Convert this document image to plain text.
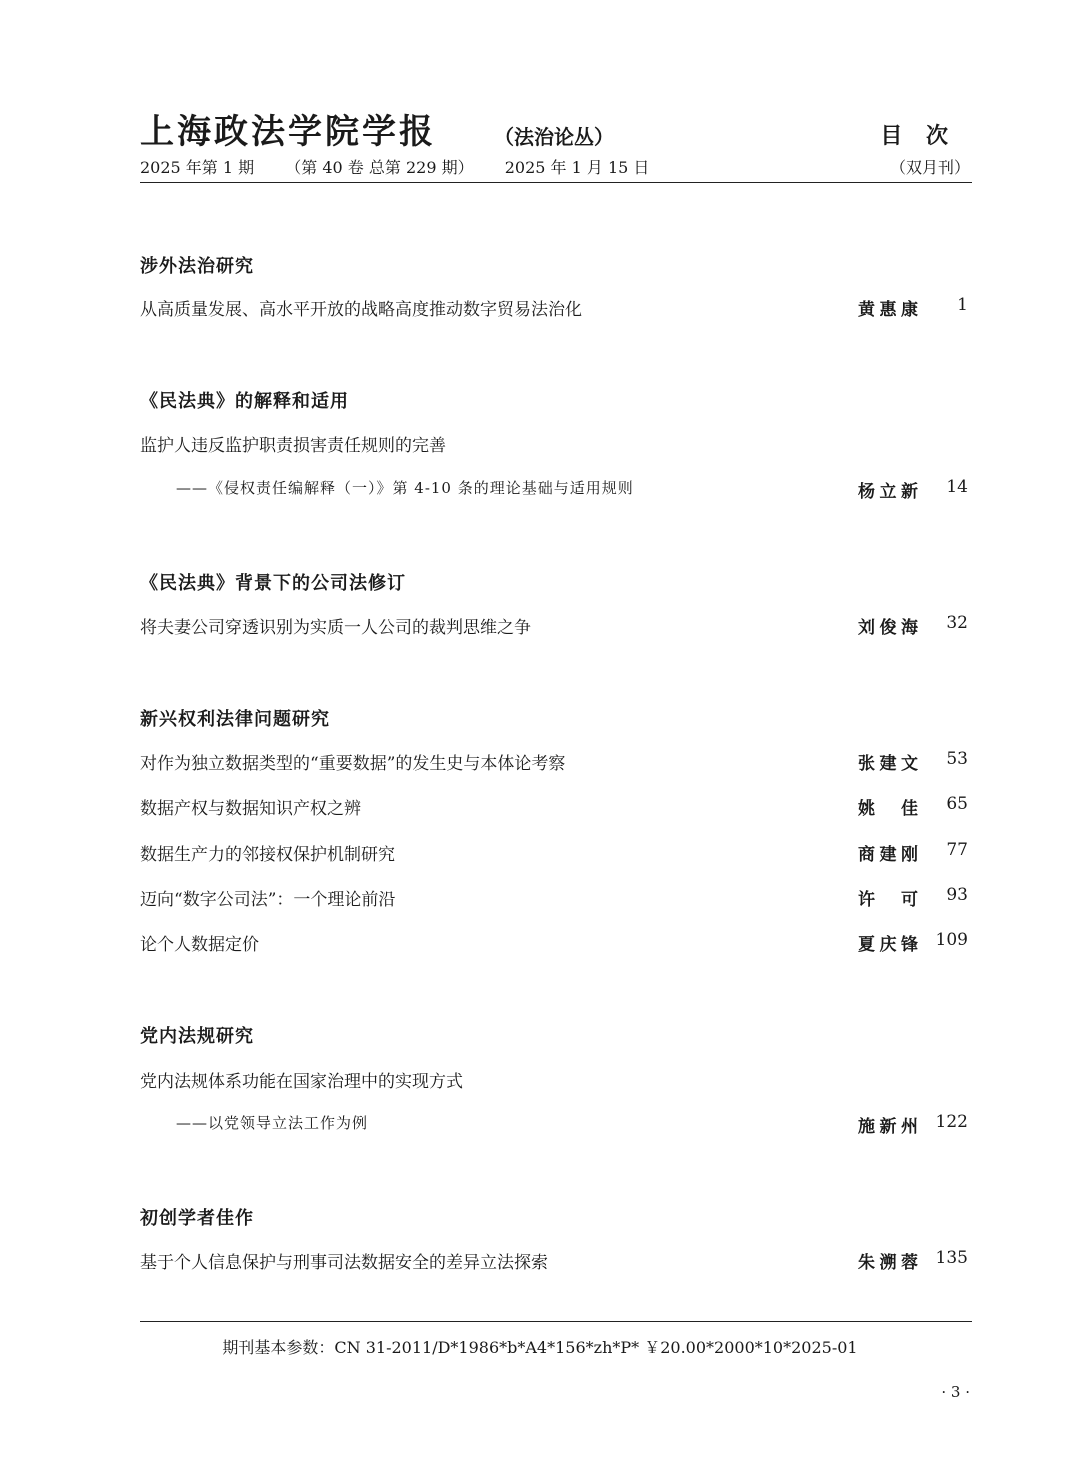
上海政法学院学报	（法治论丛）	目 次
2025 年第 1 期 （第 40 卷 总第 229 期） 2025 年 1 月 15 日	（双月刊）
涉外法治研究
从高质量发展、高水平开放的战略高度推动数字贸易法治化	黄惠康 1
《民法典》的解释和适用
监护人违反监护职责损害责任规则的完善
——《侵权责任编解释（一）》第 4-10 条的理论基础与适用规则	杨立新 14
《民法典》背景下的公司法修订
将夫妻公司穿透识别为实质一人公司的裁判思维之争	刘俊海 32
新兴权利法律问题研究
对作为独立数据类型的“重要数据”的发生史与本体论考察	张建文 53
数据产权与数据知识产权之辨	姚佳 65
数据生产力的邻接权保护机制研究	商建刚 77
迈向“数字公司法”：一个理论前沿	许可 93
论个人数据定价	夏庆锋 109
党内法规研究
党内法规体系功能在国家治理中的实现方式
——以党领导立法工作为例	施新州 122
初创学者佳作
基于个人信息保护与刑事司法数据安全的差异立法探索	朱溯蓉 135
期刊基本参数：CN 31-2011/D*1986*b*A4*156*zh*P* ￥20.00*2000*10*2025-01
· 3 ·
